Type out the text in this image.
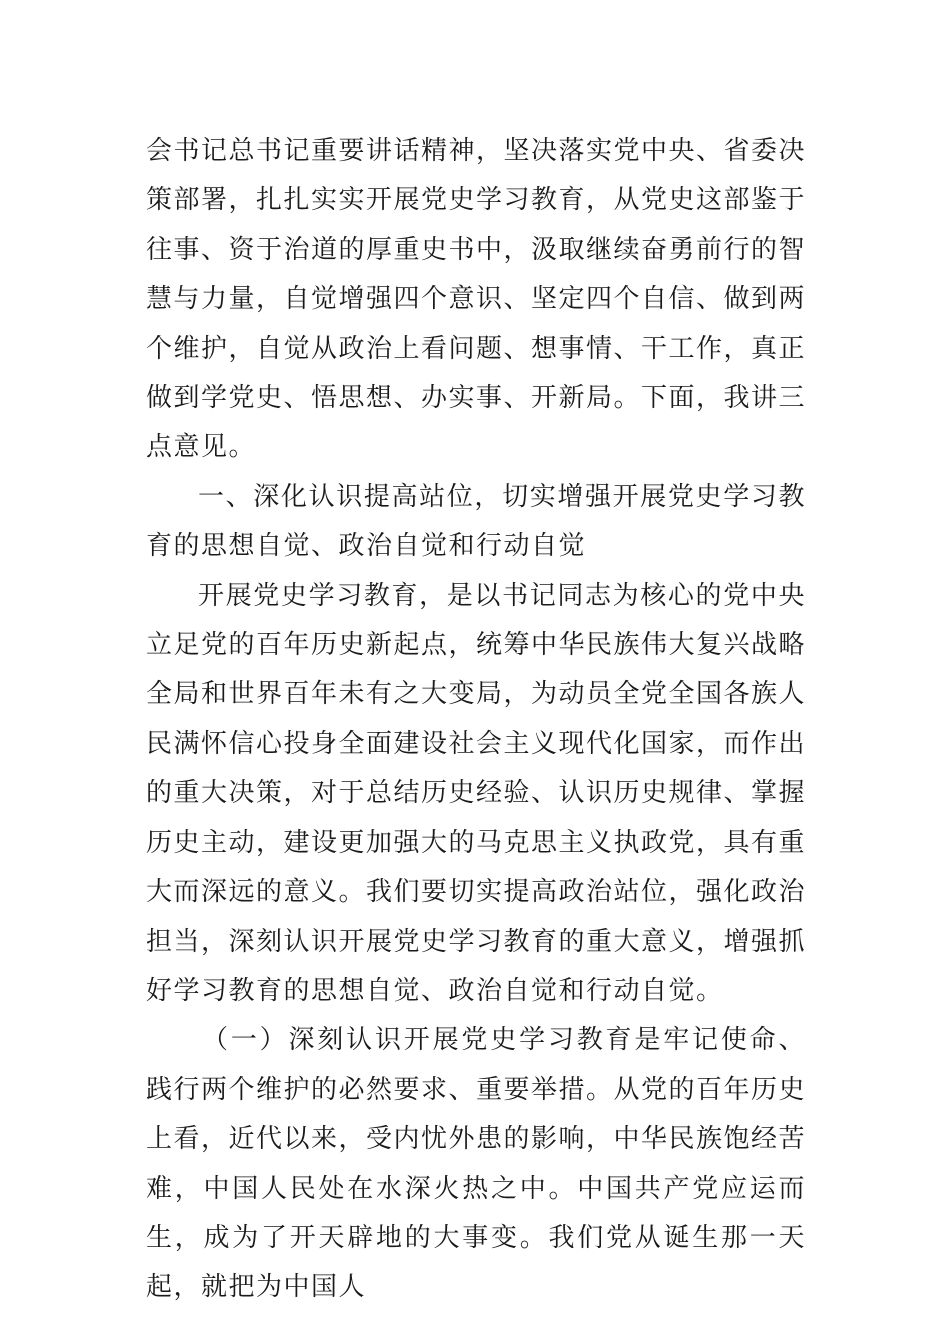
会书记总书记重要讲话精神，坚决落实党中央、省委决策部署，扎扎实实开展党史学习教育，从党史这部鉴于往事、资于治道的厚重史书中，汲取继续奋勇前行的智慧与力量，自觉增强四个意识、坚定四个自信、做到两个维护，自觉从政治上看问题、想事情、干工作，真正做到学党史、悟思想、办实事、开新局。下面，我讲三点意见。

一、深化认识提高站位，切实增强开展党史学习教育的思想自觉、政治自觉和行动自觉

开展党史学习教育，是以书记同志为核心的党中央立足党的百年历史新起点，统筹中华民族伟大复兴战略全局和世界百年未有之大变局，为动员全党全国各族人民满怀信心投身全面建设社会主义现代化国家，而作出的重大决策，对于总结历史经验、认识历史规律、掌握历史主动，建设更加强大的马克思主义执政党，具有重大而深远的意义。我们要切实提高政治站位，强化政治担当，深刻认识开展党史学习教育的重大意义，增强抓好学习教育的思想自觉、政治自觉和行动自觉。

（一）深刻认识开展党史学习教育是牢记使命、践行两个维护的必然要求、重要举措。从党的百年历史上看，近代以来，受内忧外患的影响，中华民族饱经苦难，中国人民处在水深火热之中。中国共产党应运而生，成为了开天辟地的大事变。我们党从诞生那一天起，就把为中国人
